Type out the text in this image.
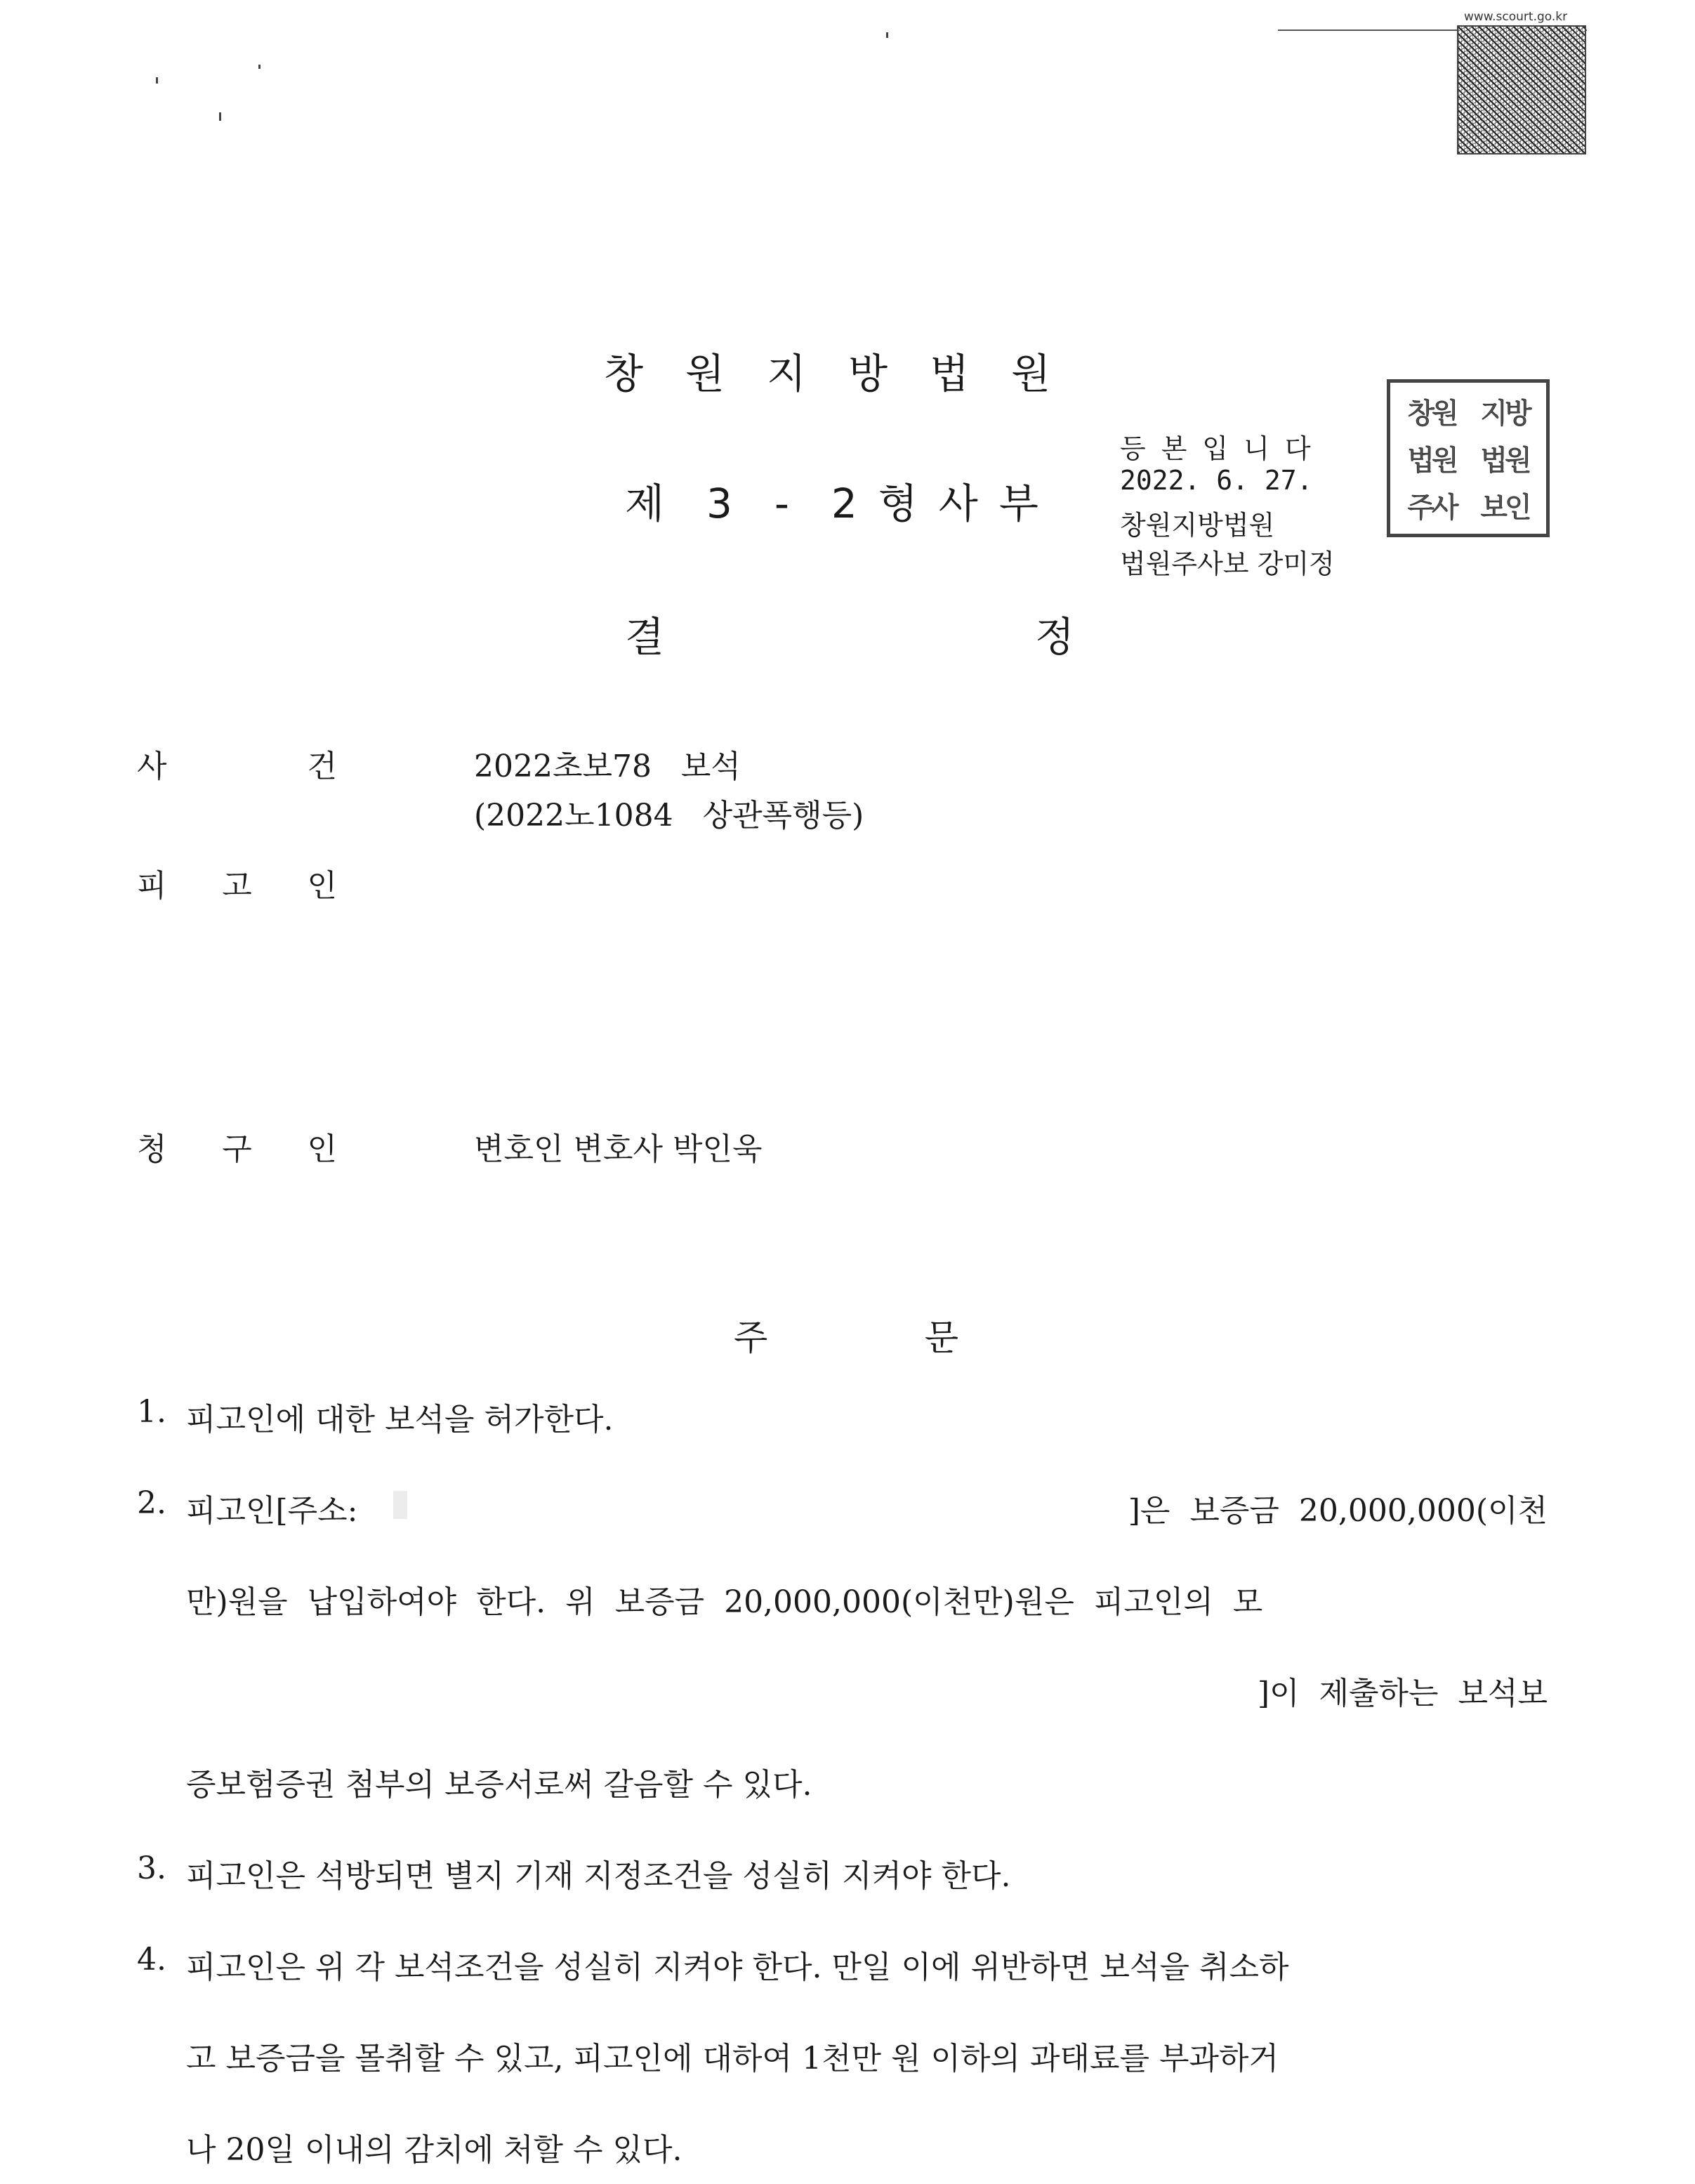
www.scourt.go.kr
창원지방법원
제 3 - 2형사부
결	정
등본입니다
2022. 6. 27.
창원지방법원
법원주사보 강미정
창원 지방
법원 법원
주사 보인
사	건	2022초보78   보석
(2022노1084   상관폭행등)
피 고 인
청 구 인	변호인 변호사 박인욱
주	문
1. 피고인에 대한 보석을 허가한다.
2. 피고인[주소:	]은  보증금  20,000,000(이천
만)원을  납입하여야  한다.  위  보증금  20,000,000(이천만)원은  피고인의  모
]이  제출하는  보석보
증보험증권 첨부의 보증서로써 갈음할 수 있다.
3. 피고인은 석방되면 별지 기재 지정조건을 성실히 지켜야 한다.
4. 피고인은 위 각 보석조건을 성실히 지켜야 한다. 만일 이에 위반하면 보석을 취소하
고 보증금을 몰취할 수 있고, 피고인에 대하여 1천만 원 이하의 과태료를 부과하거
나 20일 이내의 감치에 처할 수 있다.
